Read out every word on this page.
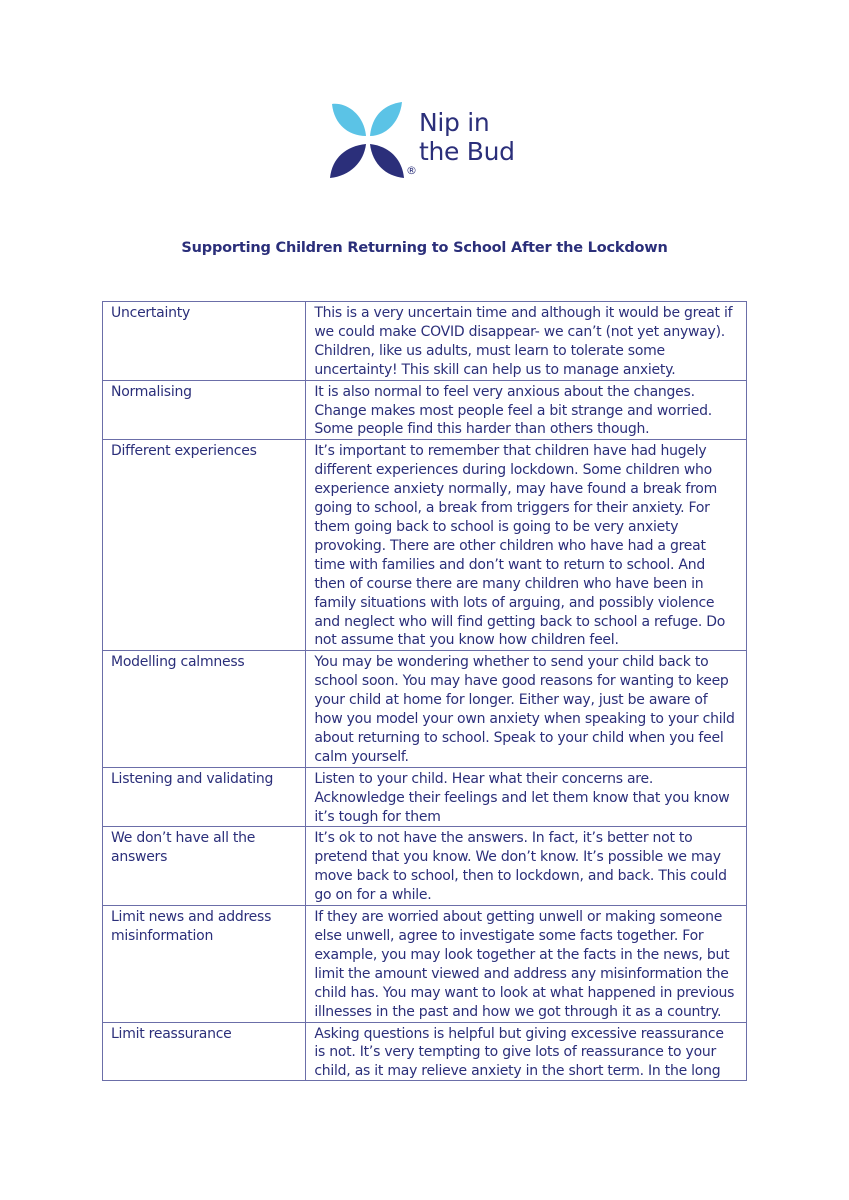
®
Nip in
the Bud
Supporting Children Returning to School After the Lockdown
Uncertainty	This is a very uncertain time and although it would be great if we could make COVID disappear- we can’t (not yet anyway). Children, like us adults, must learn to tolerate some uncertainty! This skill can help us to manage anxiety.
Normalising	It is also normal to feel very anxious about the changes. Change makes most people feel a bit strange and worried. Some people find this harder than others though.
Different experiences	It’s important to remember that children have had hugely different experiences during lockdown. Some children who experience anxiety normally, may have found a break from going to school, a break from triggers for their anxiety. For them going back to school is going to be very anxiety provoking. There are other children who have had a great time with families and don’t want to return to school. And then of course there are many children who have been in family situations with lots of arguing, and possibly violence and neglect who will find getting back to school a refuge. Do not assume that you know how children feel.
Modelling calmness	You may be wondering whether to send your child back to school soon. You may have good reasons for wanting to keep your child at home for longer. Either way, just be aware of how you model your own anxiety when speaking to your child about returning to school. Speak to your child when you feel calm yourself.
Listening and validating	Listen to your child. Hear what their concerns are. Acknowledge their feelings and let them know that you know it’s tough for them
We don’t have all the answers	It’s ok to not have the answers. In fact, it’s better not to pretend that you know. We don’t know. It’s possible we may move back to school, then to lockdown, and back. This could go on for a while.
Limit news and address misinformation	If they are worried about getting unwell or making someone else unwell, agree to investigate some facts together. For example, you may look together at the facts in the news, but limit the amount viewed and address any misinformation the child has. You may want to look at what happened in previous illnesses in the past and how we got through it as a country.
Limit reassurance	Asking questions is helpful but giving excessive reassurance is not. It’s very tempting to give lots of reassurance to your child, as it may relieve anxiety in the short term. In the long
